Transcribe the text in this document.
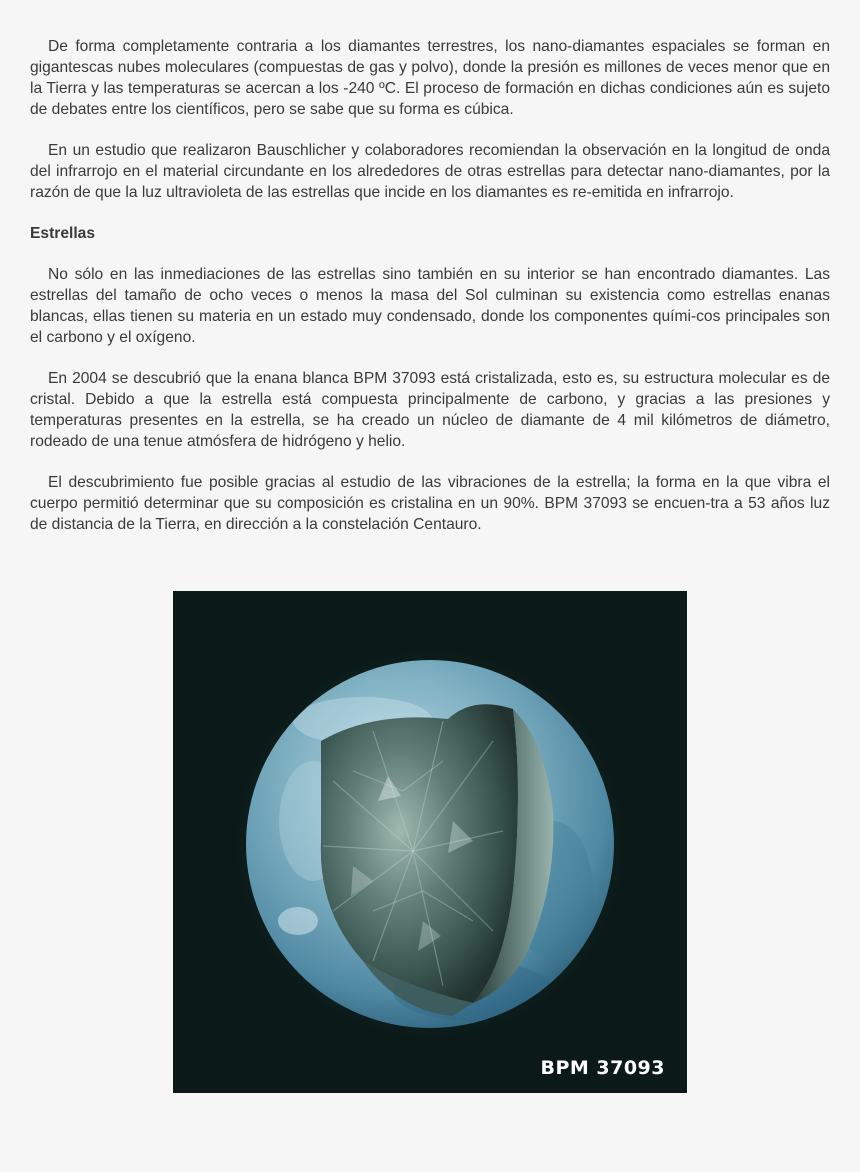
De forma completamente contraria a los diamantes terrestres, los nano-diamantes espaciales se forman en gigantescas nubes moleculares (compuestas de gas y polvo), donde la presión es millones de veces menor que en la Tierra y las temperaturas se acercan a los -240 ºC. El proceso de formación en dichas condiciones aún es sujeto de debates entre los científicos, pero se sabe que su forma es cúbica.

En un estudio que realizaron Bauschlicher y colaboradores recomiendan la observación en la longitud de onda del infrarrojo en el material circundante en los alrededores de otras estrellas para detectar nano-diamantes, por la razón de que la luz ultravioleta de las estrellas que incide en los diamantes es re-emitida en infrarrojo.

Estrellas

No sólo en las inmediaciones de las estrellas sino también en su interior se han encontrado diamantes. Las estrellas del tamaño de ocho veces o menos la masa del Sol culminan su existencia como estrellas enanas blancas, ellas tienen su materia en un estado muy condensado, donde los componentes quími-cos principales son el carbono y el oxígeno.

En 2004 se descubrió que la enana blanca BPM 37093 está cristalizada, esto es, su estructura molecular es de cristal. Debido a que la estrella está compuesta principalmente de carbono, y gracias a las presiones y temperaturas presentes en la estrella, se ha creado un núcleo de diamante de 4 mil kilómetros de diámetro, rodeado de una tenue atmósfera de hidrógeno y helio.

El descubrimiento fue posible gracias al estudio de las vibraciones de la estrella; la forma en la que vibra el cuerpo permitió determinar que su composición es cristalina en un 90%. BPM 37093 se encuen-tra a 53 años luz de distancia de la Tierra, en dirección a la constelación Centauro.

BPM 37093
